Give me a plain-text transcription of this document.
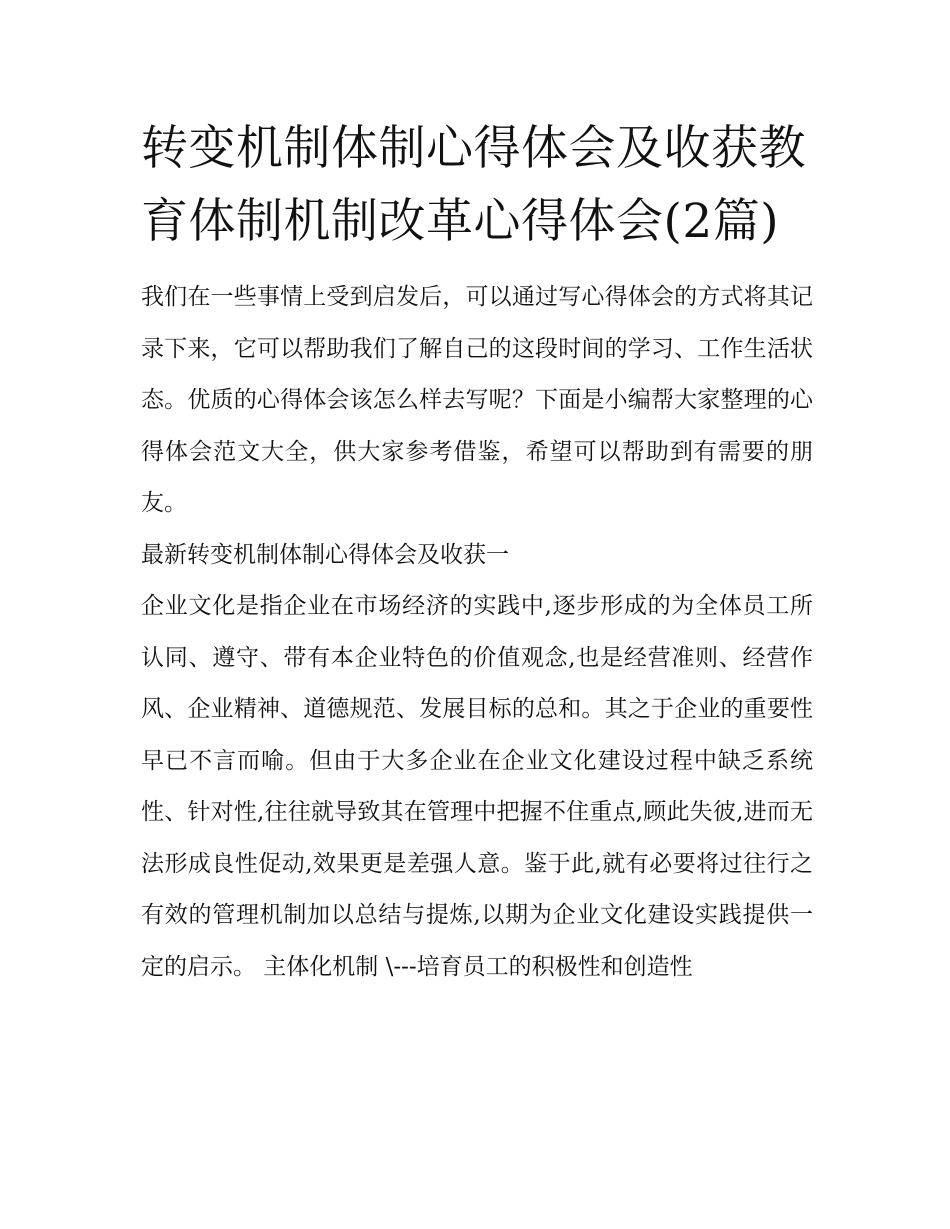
转变机制体制心得体会及收获教育体制机制改革心得体会(2篇)

我们在一些事情上受到启发后，可以通过写心得体会的方式将其记录下来，它可以帮助我们了解自己的这段时间的学习、工作生活状态。优质的心得体会该怎么样去写呢？下面是小编帮大家整理的心得体会范文大全，供大家参考借鉴，希望可以帮助到有需要的朋友。

最新转变机制体制心得体会及收获一

企业文化是指企业在市场经济的实践中,逐步形成的为全体员工所认同、遵守、带有本企业特色的价值观念,也是经营准则、经营作风、企业精神、道德规范、发展目标的总和。其之于企业的重要性早已不言而喻。但由于大多企业在企业文化建设过程中缺乏系统性、针对性,往往就导致其在管理中把握不住重点,顾此失彼,进而无法形成良性促动,效果更是差强人意。鉴于此,就有必要将过往行之有效的管理机制加以总结与提炼,以期为企业文化建设实践提供一定的启示。 主体化机制 \---培育员工的积极性和创造性
